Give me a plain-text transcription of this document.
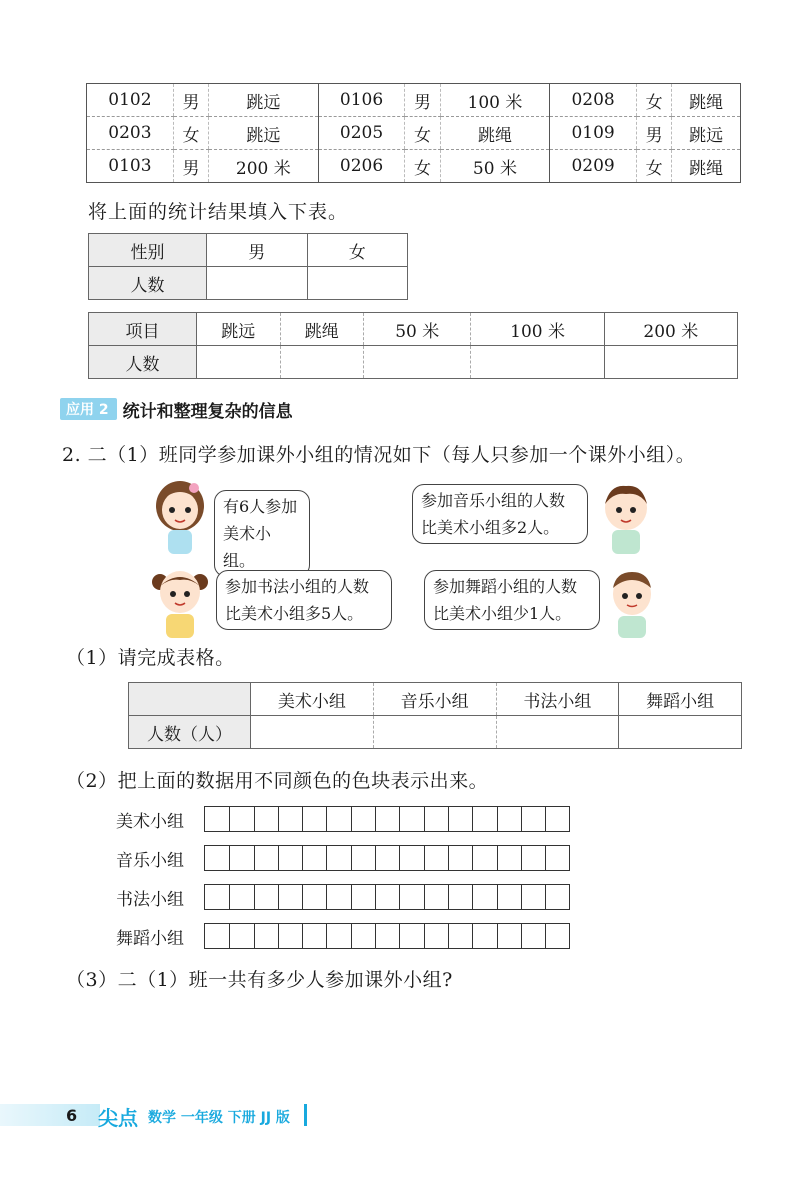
0102	男	跳远	0106	男	100 米	0208	女	跳绳
0203	女	跳远	0205	女	跳绳	0109	男	跳远
0103	男	200 米	0206	女	50 米	0209	女	跳绳
将上面的统计结果填入下表。
性别	男	女
人数		
项目	跳远	跳绳	50 米	100 米	200 米
人数					
应用 2 统计和整理复杂的信息
2. 二（1）班同学参加课外小组的情况如下（每人只参加一个课外小组）。
有6人参加
美术小组。
参加音乐小组的人数
比美术小组多2人。
参加书法小组的人数
比美术小组多5人。
参加舞蹈小组的人数
比美术小组少1人。
（1）请完成表格。
	美术小组	音乐小组	书法小组	舞蹈小组
人数（人）				
（2）把上面的数据用不同颜色的色块表示出来。
美术小组
音乐小组
书法小组
舞蹈小组
（3）二（1）班一共有多少人参加课外小组?
6 尖点 数学 一年级 下册 JJ 版
